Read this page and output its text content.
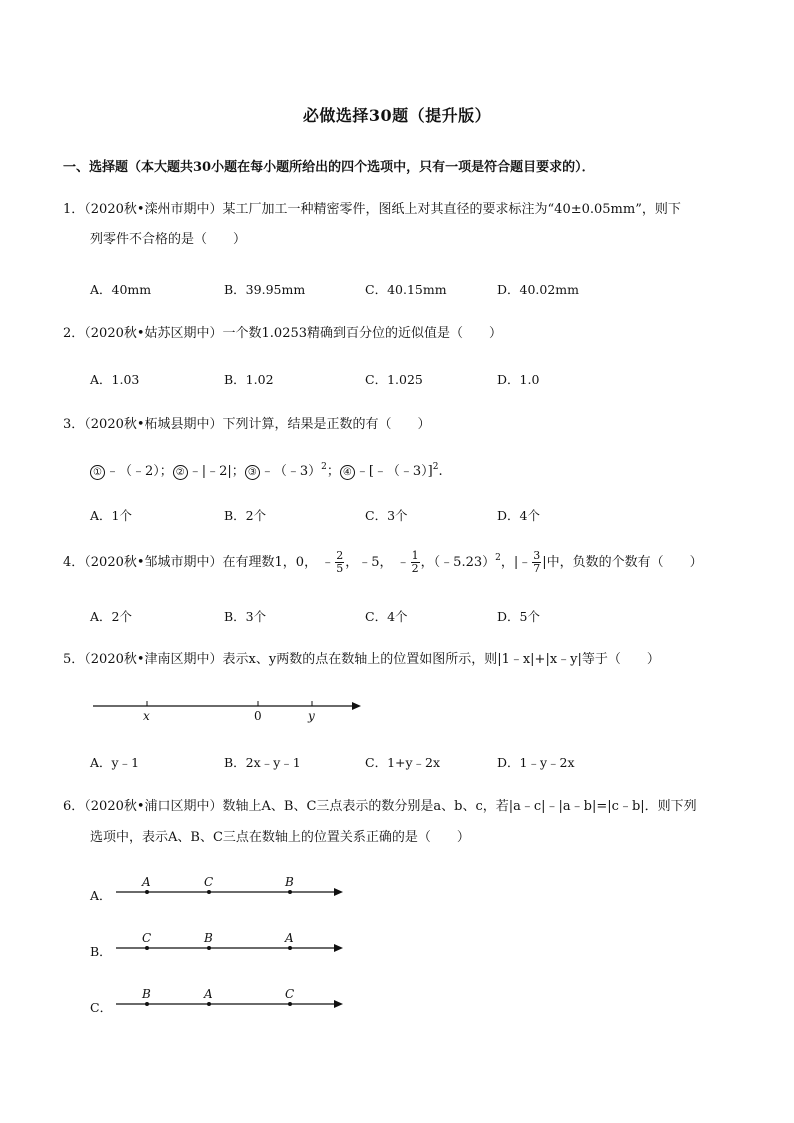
必做选择30题（提升版）
一、选择题（本大题共30小题在每小题所给出的四个选项中，只有一项是符合题目要求的）．
1．（2020秋•滦州市期中）某工厂加工一种精密零件，图纸上对其直径的要求标注为“40±0.05mm”，则下
列零件不合格的是（　　）
A．40mm	B．39.95mm	C．40.15mm	D．40.02mm
2．（2020秋•姑苏区期中）一个数1.0253精确到百分位的近似值是（　　）
A．1.03	B．1.02	C．1.025	D．1.0
3．（2020秋•柘城县期中）下列计算，结果是正数的有（　　）
① ﹣（﹣2）； ② ﹣|﹣2|； ③ ﹣（﹣3）$^2$； ④ ﹣[﹣（﹣3）]$^2$.
A．1个	B．2个	C．3个	D．4个
4．（2020秋•邹城市期中）在有理数1，0， ﹣ $\frac{2}{5}$ ，﹣5， ﹣ $\frac{1}{2}$ ，（﹣5.23）$^2$，|﹣ $\frac{3}{7}$ |中，负数的个数有（　　）
A．2个	B．3个	C．4个	D．5个
5．（2020秋•津南区期中）表示x、y两数的点在数轴上的位置如图所示，则|1﹣x|+|x﹣y|等于（　　）
x	0	y
A．y﹣1	B．2x﹣y﹣1	C．1+y﹣2x	D．1﹣y﹣2x
6．（2020秋•浦口区期中）数轴上A、B、C三点表示的数分别是a、b、c，若|a﹣c|﹣|a﹣b|=|c﹣b|．则下列
选项中，表示A、B、C三点在数轴上的位置关系正确的是（　　）
A．
B．
C．
A	C	B
C	B	A
B	A	C
